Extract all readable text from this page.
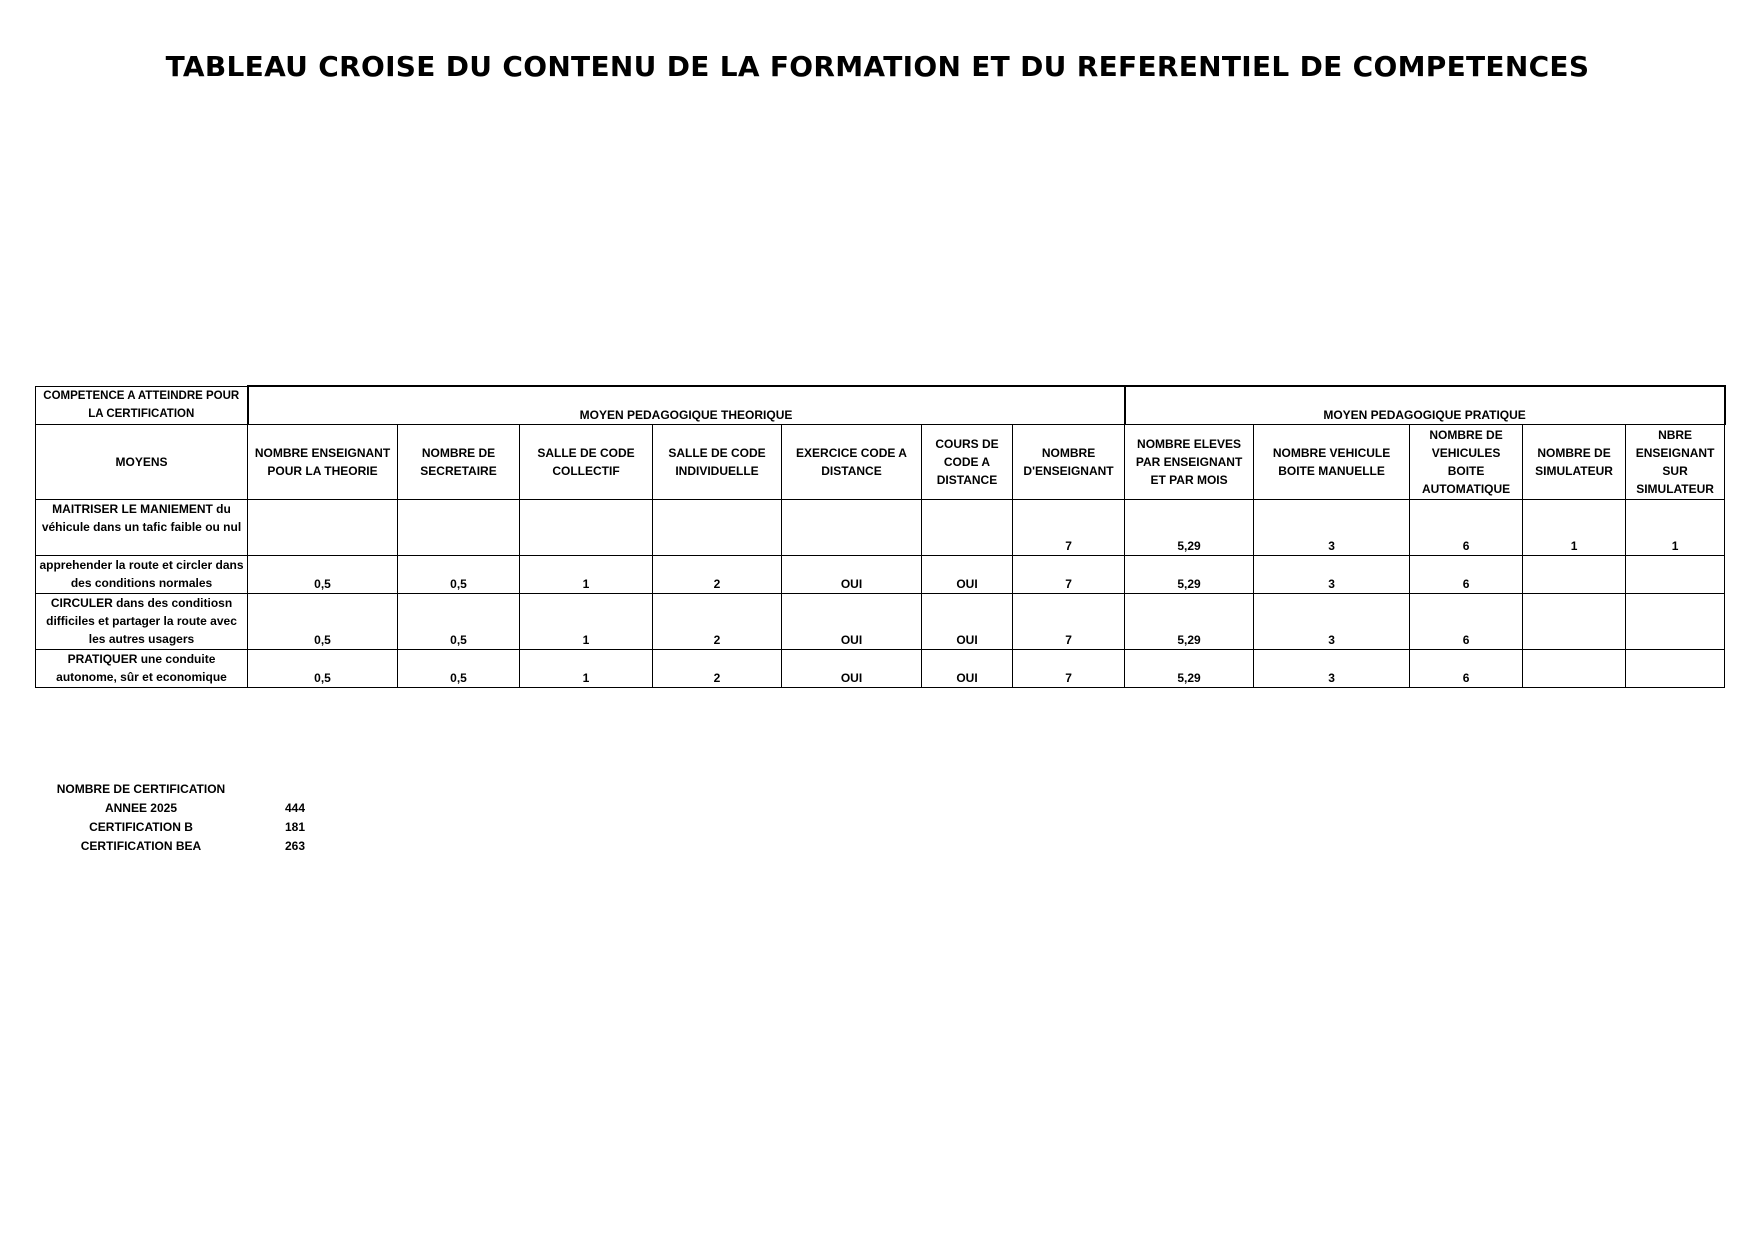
TABLEAU CROISE DU CONTENU DE LA FORMATION ET DU REFERENTIEL DE COMPETENCES
COMPETENCE A ATTEINDRE POUR LA CERTIFICATION	MOYEN PEDAGOGIQUE THEORIQUE							MOYEN PEDAGOGIQUE PRATIQUE				
MOYENS	NOMBRE ENSEIGNANT POUR LA THEORIE	NOMBRE DE SECRETAIRE	SALLE DE CODE COLLECTIF	SALLE DE CODE INDIVIDUELLE	EXERCICE CODE A DISTANCE	COURS DE CODE A DISTANCE	NOMBRE D'ENSEIGNANT	NOMBRE ELEVES PAR ENSEIGNANT ET PAR MOIS	NOMBRE VEHICULE BOITE MANUELLE	NOMBRE DE VEHICULES BOITE AUTOMATIQUE	NOMBRE DE SIMULATEUR	NBRE ENSEIGNANT SUR SIMULATEUR
MAITRISER LE MANIEMENT du véhicule dans un tafic faible ou nul							7	5,29	3	6	1	1
apprehender la route et circler dans des conditions normales	0,5	0,5	1	2	OUI	OUI	7	5,29	3	6		
CIRCULER dans des conditiosn difficiles et partager la route avec les autres usagers	0,5	0,5	1	2	OUI	OUI	7	5,29	3	6		
PRATIQUER une conduite autonome, sûr et economique	0,5	0,5	1	2	OUI	OUI	7	5,29	3	6		
NOMBRE DE CERTIFICATION	
ANNEE 2025	444
CERTIFICATION B	181
CERTIFICATION BEA	263
